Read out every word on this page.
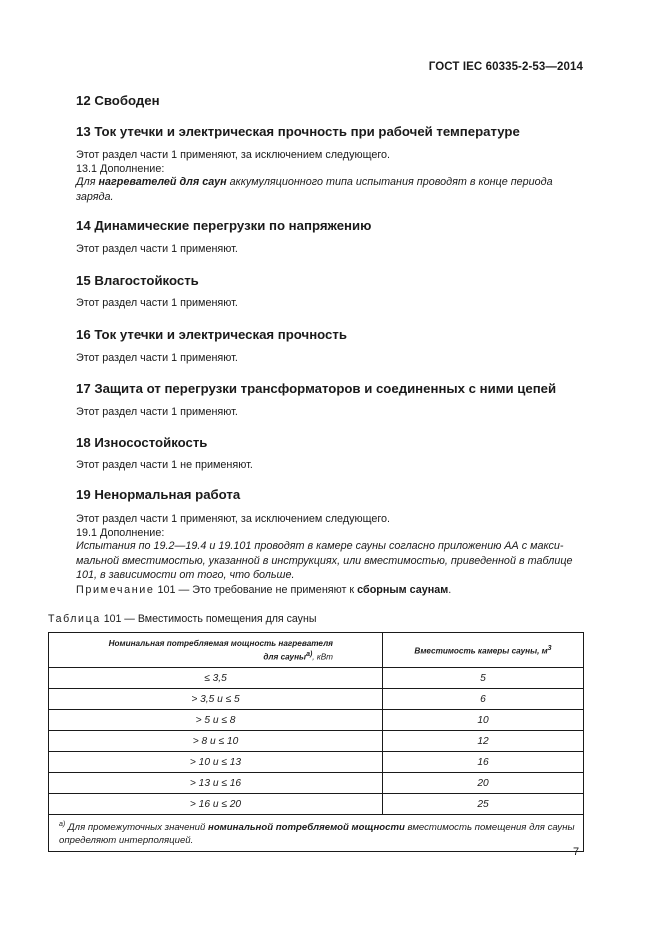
ГОСТ IEC 60335-2-53—2014
12 Свободен
13 Ток утечки и электрическая прочность при рабочей температуре
Этот раздел части 1 применяют, за исключением следующего.
13.1 Дополнение:
Для нагревателей для саун аккумуляционного типа испытания проводят в конце периода заряда.
14 Динамические перегрузки по напряжению
Этот раздел части 1 применяют.
15 Влагостойкость
Этот раздел части 1 применяют.
16 Ток утечки и электрическая прочность
Этот раздел части 1 применяют.
17 Защита от перегрузки трансформаторов и соединенных с ними цепей
Этот раздел части 1 применяют.
18 Износостойкость
Этот раздел части 1 не применяют.
19 Ненормальная работа
Этот раздел части 1 применяют, за исключением следующего.
19.1 Дополнение:
Испытания по 19.2—19.4 и 19.101 проводят в камере сауны согласно приложению АА с максимальной вместимостью, указанной в инструкциях, или вместимостью, приведенной в таблице 101, в зависимости от того, что больше.
Примечание 101 — Это требование не применяют к сборным саунам.
Таблица 101 — Вместимость помещения для сауны
Номинальная потребляемая мощность нагревателя
для сауны$^{а)}$, кВт	Вместимость камеры сауны, $м^3$
≤ 3,5	5
> 3,5 и ≤ 5	6
> 5 и ≤ 8	10
> 8 и ≤ 10	12
> 10 и ≤ 13	16
> 13 и ≤ 16	20
> 16 и ≤ 20	25
$^{а)}$ Для промежуточных значений номинальной потребляемой мощности вместимость помещения для сауны определяют интерполяцией.	
7
